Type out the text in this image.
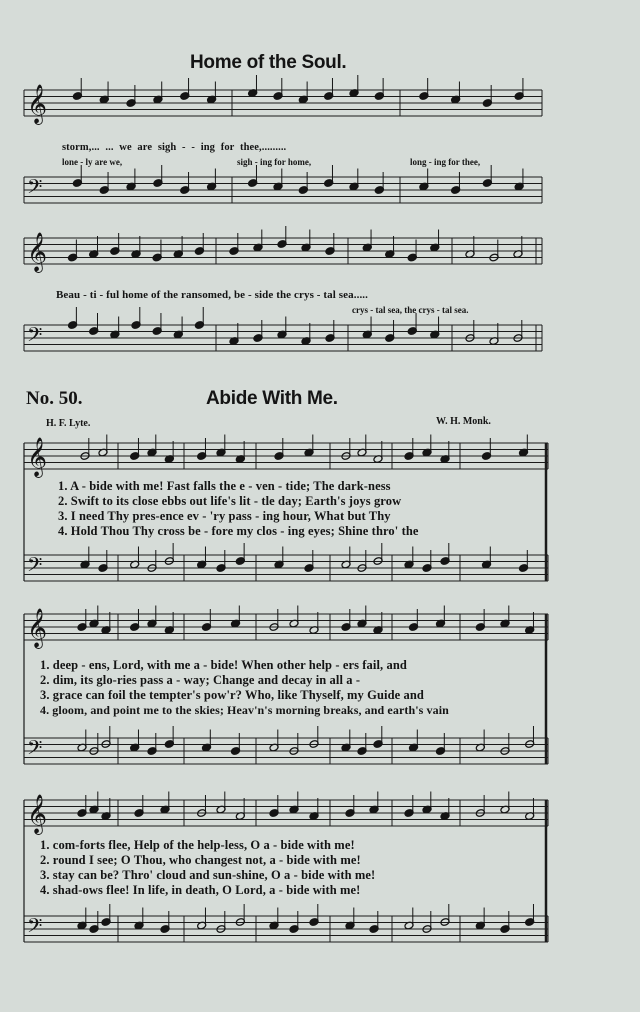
𝄞
𝄢
𝄞
𝄢
𝄞
𝄢
𝄞
𝄢
𝄞
𝄢
Home of the Soul.
storm,... ... we are sigh - - ing for thee,.........
lone - ly are we,	sigh - ing for home,	long - ing for thee,
Beau - ti - ful home of the ransomed, be - side the crys - tal sea.....
crys - tal sea, the crys - tal sea.
No. 50.	Abide With Me.
H. F. Lyte.	W. H. Monk.
1. A - bide with me! Fast falls the e - ven - tide; The dark-ness
2. Swift to its close ebbs out life's lit - tle day; Earth's joys grow
3. I need Thy pres-ence ev - 'ry pass - ing hour, What but Thy
4. Hold Thou Thy cross be - fore my clos - ing eyes; Shine thro' the
1. deep - ens, Lord, with me a - bide! When other help - ers fail, and
2. dim, its glo-ries pass a - way; Change and decay in all a -
3. grace can foil the tempter's pow'r? Who, like Thyself, my Guide and
4. gloom, and point me to the skies; Heav'n's morning breaks, and earth's vain
1. com-forts flee, Help of the help-less, O a - bide with me!
2. round I see; O Thou, who changest not, a - bide with me!
3. stay can be? Thro' cloud and sun-shine, O a - bide with me!
4. shad-ows flee! In life, in death, O Lord, a - bide with me!
